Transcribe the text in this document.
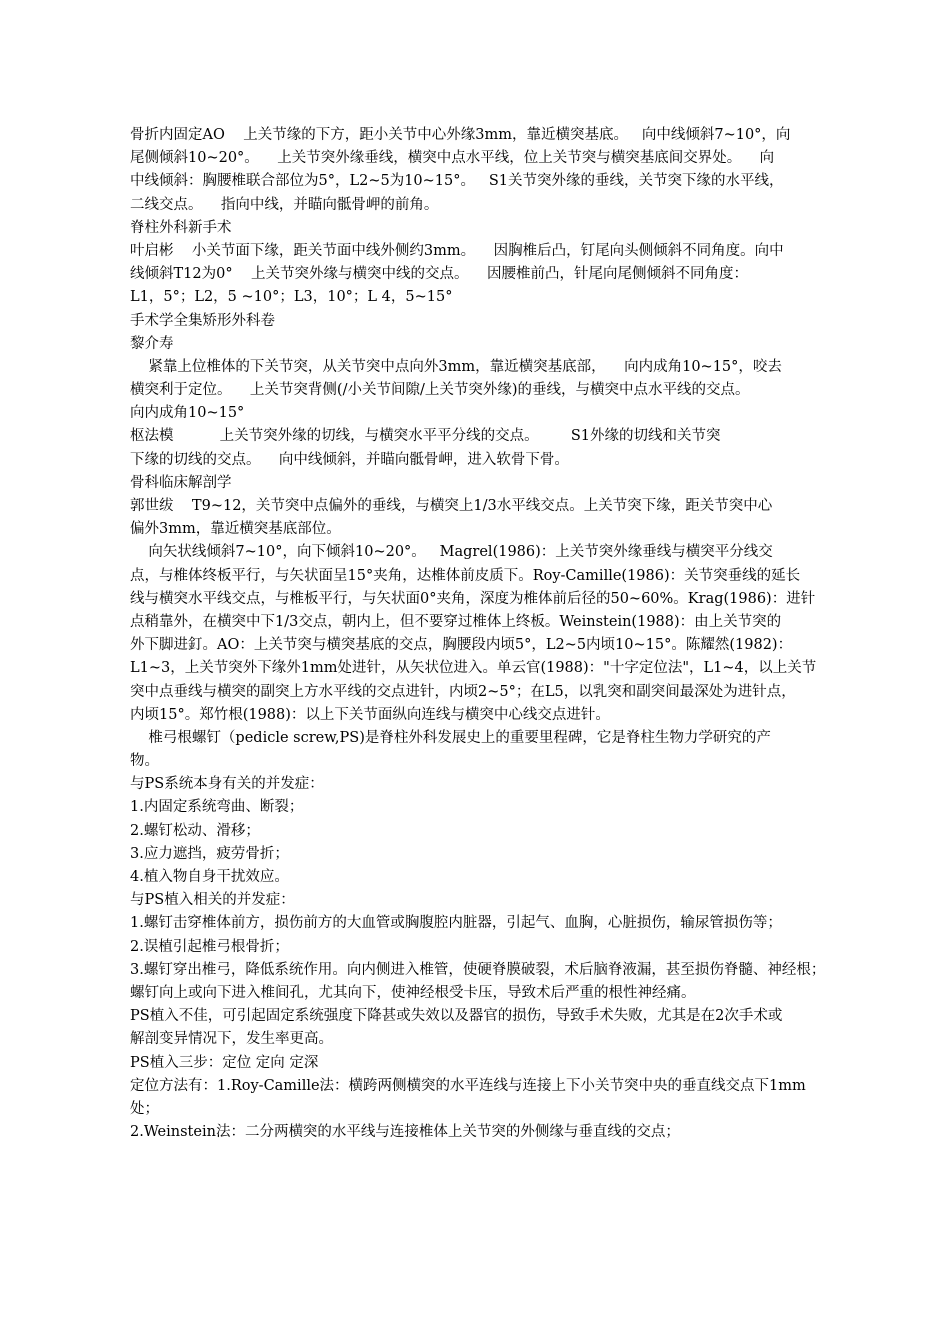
骨折内固定AO    上关节缘的下方，距小关节中心外缘3mm，靠近横突基底。   向中线倾斜7~10°，向
尾侧倾斜10~20°。    上关节突外缘垂线，横突中点水平线，位上关节突与横突基底间交界处。    向
中线倾斜：胸腰椎联合部位为5°，L2~5为10~15°。   S1关节突外缘的垂线，关节突下缘的水平线，
二线交点。    指向中线，并瞄向骶骨岬的前角。
脊柱外科新手术
叶启彬    小关节面下缘，距关节面中线外侧约3mm。    因胸椎后凸，钉尾向头侧倾斜不同角度。向中
线倾斜T12为0°    上关节突外缘与横突中线的交点。    因腰椎前凸，针尾向尾侧倾斜不同角度：
L1，5°；L2，5 ~10°；L3，10°；L 4，5~15°
手术学全集矫形外科卷
黎介寿
紧靠上位椎体的下关节突，从关节突中点向外3mm，靠近横突基底部，    向内成角10~15°，咬去
横突利于定位。    上关节突背侧(/小关节间隙/上关节突外缘)的垂线，与横突中点水平线的交点。
向内成角10~15°
枢法模          上关节突外缘的切线，与横突水平平分线的交点。       S1外缘的切线和关节突
下缘的切线的交点。    向中线倾斜，并瞄向骶骨岬，进入软骨下骨。
骨科临床解剖学
郭世绂    T9~12，关节突中点偏外的垂线，与横突上1/3水平线交点。上关节突下缘，距关节突中心
偏外3mm，靠近横突基底部位。
向矢状线倾斜7~10°，向下倾斜10~20°。   Magrel(1986)：上关节突外缘垂线与横突平分线交
点，与椎体终板平行，与矢状面呈15°夹角，达椎体前皮质下。Roy-Camille(1986)：关节突垂线的延长
线与横突水平线交点，与椎板平行，与矢状面0°夹角，深度为椎体前后径的50~60%。Krag(1986)：进针
点稍靠外，在横突中下1/3交点，朝内上，但不要穿过椎体上终板。Weinstein(1988)：由上关节突的
外下脚进釘。AO：上关节突与横突基底的交点，胸腰段内顷5°，L2~5内顷10~15°。陈耀然(1982)：
L1~3，上关节突外下缘外1mm处进针，从矢状位进入。单云官(1988)："十字定位法"，L1~4，以上关节
突中点垂线与横突的副突上方水平线的交点进针，内顷2~5°；在L5，以乳突和副突间最深处为进针点，
内顷15°。郑竹根(1988)：以上下关节面纵向连线与横突中心线交点进针。
椎弓根螺钉（pedicle screw,PS)是脊柱外科发展史上的重要里程碑，它是脊柱生物力学研究的产
物。
与PS系统本身有关的并发症：
1.内固定系统弯曲、断裂；
2.螺钉松动、滑移；
3.应力遮挡，疲劳骨折；
4.植入物自身干扰效应。
与PS植入相关的并发症：
1.螺钉击穿椎体前方，损伤前方的大血管或胸腹腔内脏器，引起气、血胸，心脏损伤，输尿管损伤等；
2.误植引起椎弓根骨折；
3.螺钉穿出椎弓，降低系统作用。向内侧进入椎管，使硬脊膜破裂，术后脑脊液漏，甚至损伤脊髓、神经根；
螺钉向上或向下进入椎间孔，尤其向下，使神经根受卡压，导致术后严重的根性神经痛。
PS植入不佳，可引起固定系统强度下降甚或失效以及器官的损伤，导致手术失败，尤其是在2次手术或
解剖变异情况下，发生率更高。
PS植入三步：定位 定向 定深
定位方法有：1.Roy-Camille法：横跨两侧横突的水平连线与连接上下小关节突中央的垂直线交点下1mm
处；
2.Weinstein法：二分两横突的水平线与连接椎体上关节突的外侧缘与垂直线的交点；
